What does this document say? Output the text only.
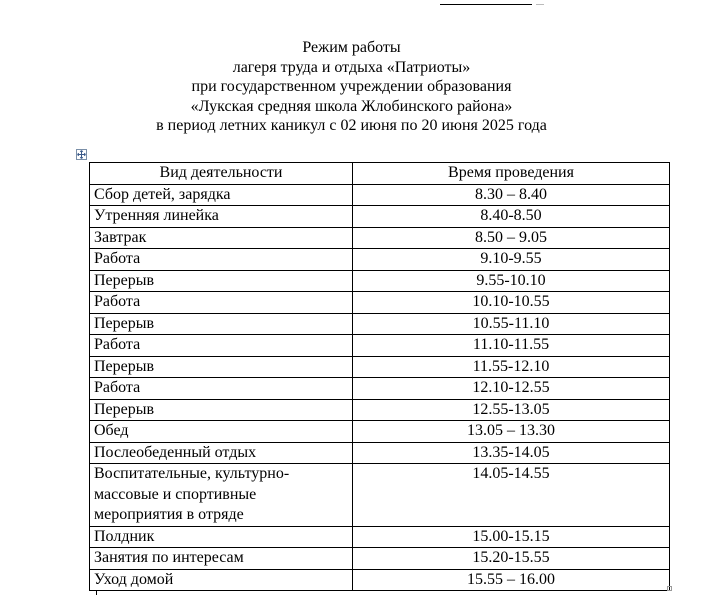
Режим работы
лагеря труда и отдыха «Патриоты»
при государственном учреждении образования
«Лукская средняя школа Жлобинского района»
в период летних каникул с 02 июня по 20 июня 2025 года
Вид деятельности	Время проведения
Сбор детей, зарядка	8.30 – 8.40
Утренняя линейка	8.40-8.50
Завтрак	8.50 – 9.05
Работа	9.10-9.55
Перерыв	9.55-10.10
Работа	10.10-10.55
Перерыв	10.55-11.10
Работа	11.10-11.55
Перерыв	11.55-12.10
Работа	12.10-12.55
Перерыв	12.55-13.05
Обед	13.05 – 13.30
Послеобеденный отдых	13.35-14.05

Воспитательные, культурно-
массовые и спортивные
мероприятия в отряде	14.05-14.55
Полдник	15.00-15.15
Занятия по интересам	15.20-15.55
Уход домой	15.55 – 16.00
